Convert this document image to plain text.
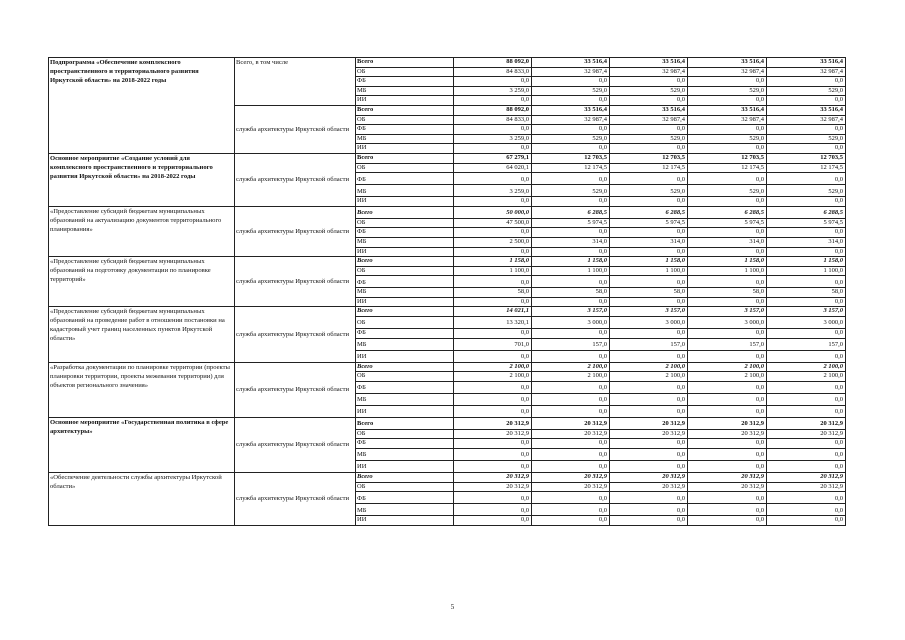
Подпрограмма «Обеспечение комплексного пространственного и территориального развития Иркутской области» на 2018-2022 годы	Всего, в том числе	Всего	88 092,0	33 516,4	33 516,4	33 516,4	33 516,4
		ОБ	84 833,0	32 987,4	32 987,4	32 987,4	32 987,4
		ФБ	0,0	0,0	0,0	0,0	0,0
		МБ	3 259,0	529,0	529,0	529,0	529,0
		ИИ	0,0	0,0	0,0	0,0	0,0
	служба архитектуры Иркутской области	Всего	88 092,0	33 516,4	33 516,4	33 516,4	33 516,4
		ОБ	84 833,0	32 987,4	32 987,4	32 987,4	32 987,4
		ФБ	0,0	0,0	0,0	0,0	0,0
		МБ	3 259,0	529,0	529,0	529,0	529,0
		ИИ	0,0	0,0	0,0	0,0	0,0
Основное мероприятие «Создание условий для комплексного пространственного и территориального развития Иркутской области» на 2018-2022 годы	служба архитектуры Иркутской области	Всего	67 279,1	12 703,5	12 703,5	12 703,5	12 703,5
		ОБ	64 020,1	12 174,5	12 174,5	12 174,5	12 174,5
		ФБ	0,0	0,0	0,0	0,0	0,0
		МБ	3 259,0	529,0	529,0	529,0	529,0
		ИИ	0,0	0,0	0,0	0,0	0,0
«Предоставление субсидий бюджетам муниципальных образований на актуализацию документов территориального планирования»	служба архитектуры Иркутской области	Всего	50 000,0	6 288,5	6 288,5	6 288,5	6 288,5
		ОБ	47 500,0	5 974,5	5 974,5	5 974,5	5 974,5
		ФБ	0,0	0,0	0,0	0,0	0,0
		МБ	2 500,0	314,0	314,0	314,0	314,0
		ИИ	0,0	0,0	0,0	0,0	0,0
«Предоставление субсидий бюджетам муниципальных образований на подготовку документации по планировке территорий»	служба архитектуры Иркутской области	Всего	1 158,0	1 158,0	1 158,0	1 158,0	1 158,0
		ОБ	1 100,0	1 100,0	1 100,0	1 100,0	1 100,0
		ФБ	0,0	0,0	0,0	0,0	0,0
		МБ	58,0	58,0	58,0	58,0	58,0
		ИИ	0,0	0,0	0,0	0,0	0,0
«Предоставление субсидий бюджетам муниципальных образований на проведение работ в отношении постановки на кадастровый учет границ населенных пунктов Иркутской области»	служба архитектуры Иркутской области	Всего	14 021,1	3 157,0	3 157,0	3 157,0	3 157,0
		ОБ	13 320,1	3 000,0	3 000,0	3 000,0	3 000,0
		ФБ	0,0	0,0	0,0	0,0	0,0
		МБ	701,0	157,0	157,0	157,0	157,0
		ИИ	0,0	0,0	0,0	0,0	0,0
«Разработка документации по планировке территории (проекты планировки территории, проекты межевания территории) для объектов регионального значения»	служба архитектуры Иркутской области	Всего	2 100,0	2 100,0	2 100,0	2 100,0	2 100,0
		ОБ	2 100,0	2 100,0	2 100,0	2 100,0	2 100,0
		ФБ	0,0	0,0	0,0	0,0	0,0
		МБ	0,0	0,0	0,0	0,0	0,0
		ИИ	0,0	0,0	0,0	0,0	0,0
Основное мероприятие «Государственная политика в сфере архитектуры»	служба архитектуры Иркутской области	Всего	20 312,9	20 312,9	20 312,9	20 312,9	20 312,9
		ОБ	20 312,9	20 312,9	20 312,9	20 312,9	20 312,9
		ФБ	0,0	0,0	0,0	0,0	0,0
		МБ	0,0	0,0	0,0	0,0	0,0
		ИИ	0,0	0,0	0,0	0,0	0,0
«Обеспечение деятельности службы архитектуры Иркутской области»	служба архитектуры Иркутской области	Всего	20 312,9	20 312,9	20 312,9	20 312,9	20 312,9
		ОБ	20 312,9	20 312,9	20 312,9	20 312,9	20 312,9
		ФБ	0,0	0,0	0,0	0,0	0,0
		МБ	0,0	0,0	0,0	0,0	0,0
		ИИ	0,0	0,0	0,0	0,0	0,0
5
